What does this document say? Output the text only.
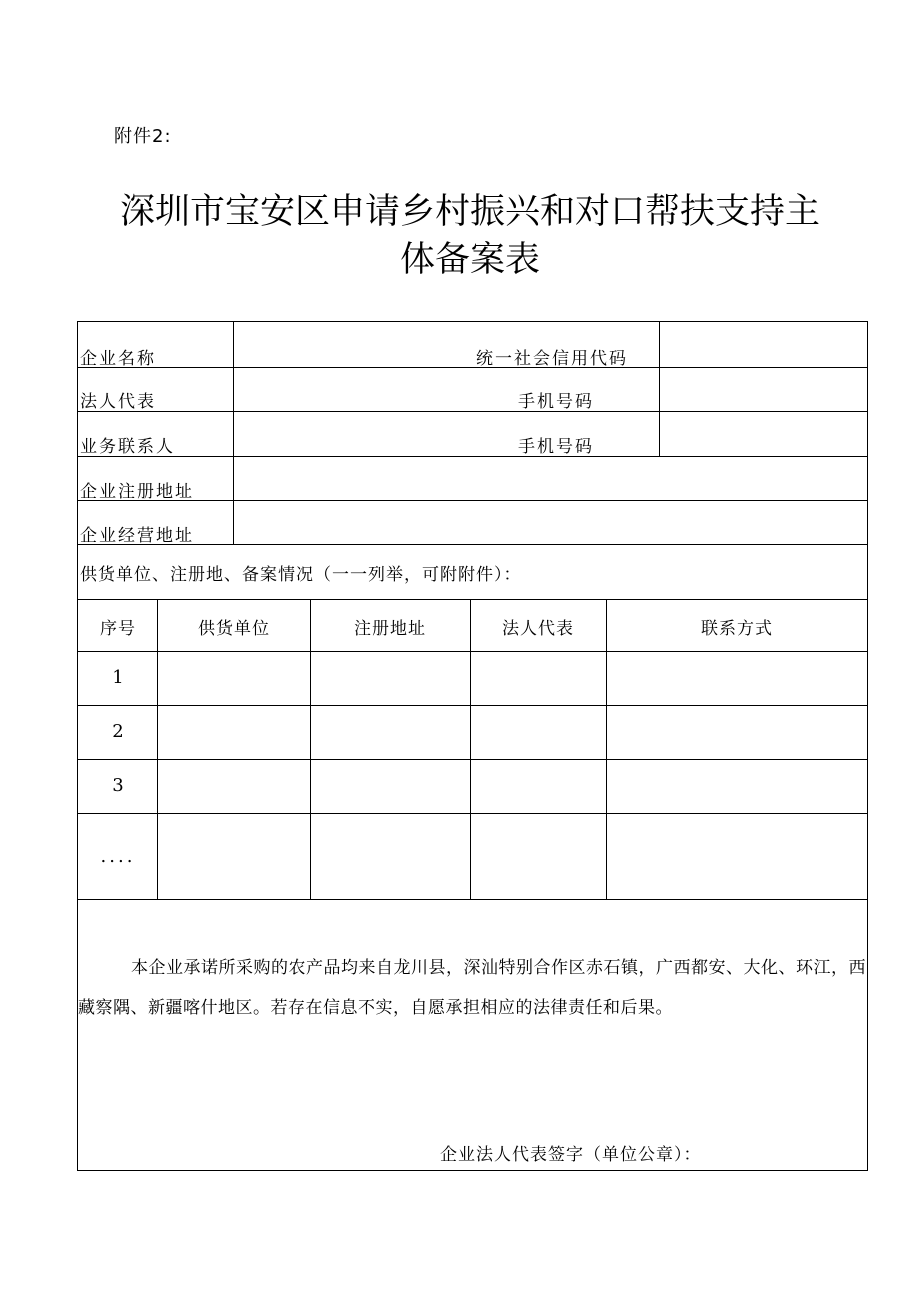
附件2:
深圳市宝安区申请乡村振兴和对口帮扶支持主
体备案表
企业名称	统一社会信用代码
法人代表	手机号码
业务联系人	手机号码
企业注册地址
企业经营地址
供货单位、注册地、备案情况（一一列举，可附附件）：
序号	供货单位	注册地址	法人代表	联系方式
1
2
3
....

本企业承诺所采购的农产品均来自龙川县，深汕特别合作区赤石镇，广西都安、大化、环江，西藏察隅、新疆喀什地区。若存在信息不实，自愿承担相应的法律责任和后果。

企业法人代表签字（单位公章）：
